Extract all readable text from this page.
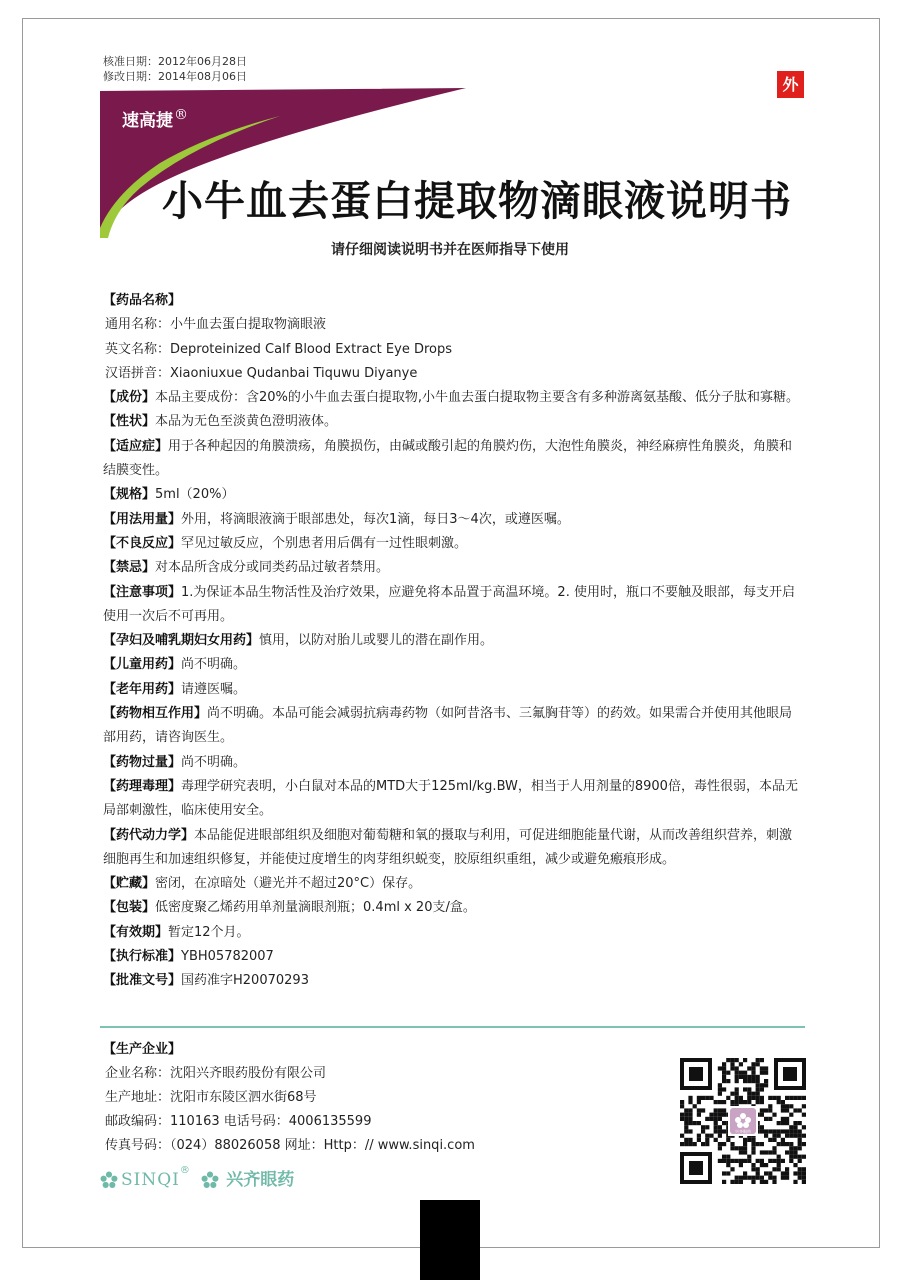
核准日期：2012年06月28日
修改日期：2014年08月06日	外
速高捷®
小牛血去蛋白提取物滴眼液说明书
请仔细阅读说明书并在医师指导下使用

【药品名称】

通用名称：小牛血去蛋白提取物滴眼液

英文名称：Deproteinized Calf Blood Extract Eye Drops

汉语拼音：Xiaoniuxue Qudanbai Tiquwu Diyanye

【成份】本品主要成份：含20%的小牛血去蛋白提取物,小牛血去蛋白提取物主要含有多种游离氨基酸、低分子肽和寡糖。

【性状】本品为无色至淡黄色澄明液体。

【适应症】用于各种起因的角膜溃疡，角膜损伤，由碱或酸引起的角膜灼伤，大泡性角膜炎，神经麻痹性角膜炎，角膜和结膜变性。

【规格】5ml（20%）

【用法用量】外用，将滴眼液滴于眼部患处，每次1滴，每日3～4次，或遵医嘱。

【不良反应】罕见过敏反应，个别患者用后偶有一过性眼刺激。

【禁忌】对本品所含成分或同类药品过敏者禁用。

【注意事项】1.为保证本品生物活性及治疗效果，应避免将本品置于高温环境。2. 使用时，瓶口不要触及眼部，每支开启使用一次后不可再用。

【孕妇及哺乳期妇女用药】慎用，以防对胎儿或婴儿的潜在副作用。

【儿童用药】尚不明确。

【老年用药】请遵医嘱。

【药物相互作用】尚不明确。本品可能会减弱抗病毒药物（如阿昔洛韦、三氟胸苷等）的药效。如果需合并使用其他眼局部用药，请咨询医生。

【药物过量】尚不明确。

【药理毒理】毒理学研究表明，小白鼠对本品的MTD大于125ml/kg.BW，相当于人用剂量的8900倍，毒性很弱，本品无局部刺激性，临床使用安全。

【药代动力学】本品能促进眼部组织及细胞对葡萄糖和氧的摄取与利用，可促进细胞能量代谢，从而改善组织营养，刺激细胞再生和加速组织修复，并能使过度增生的肉芽组织蜕变，胶原组织重组，减少或避免瘢痕形成。

【贮藏】密闭，在凉暗处（避光并不超过20°C）保存。

【包装】低密度聚乙烯药用单剂量滴眼剂瓶；0.4ml x 20支/盒。

【有效期】暂定12个月。

【执行标准】YBH05782007

【批准文号】国药准字H20070293

【生产企业】
企业名称：沈阳兴齐眼药股份有限公司
生产地址：沈阳市东陵区泗水街68号
邮政编码：110163 电话号码：4006135599
传真号码：（024）88026058 网址：Http：// www.sinqi.com
SINQI® 兴齐眼药
兴齐眼药
